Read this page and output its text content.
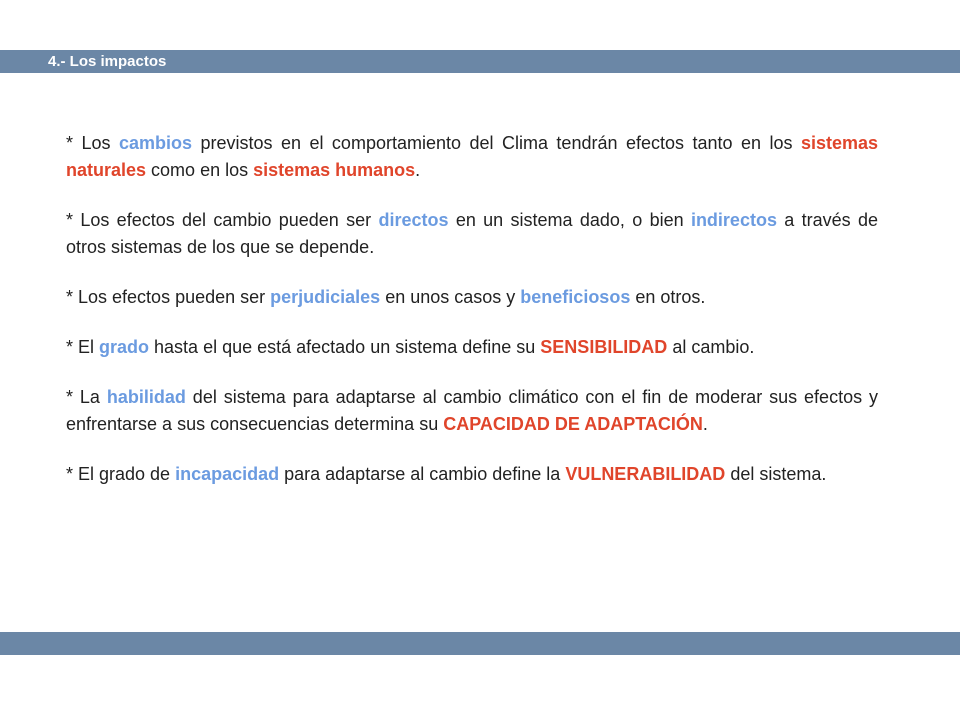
4.- Los impactos

* Los cambios previstos en el comportamiento del Clima tendrán efectos tanto en los sistemas naturales como en los sistemas humanos.

* Los efectos del cambio pueden ser directos en un sistema dado, o bien indirectos a través de otros sistemas de los que se depende.

* Los efectos pueden ser perjudiciales en unos casos y beneficiosos en otros.

* El grado hasta el que está afectado un sistema define su SENSIBILIDAD al cambio.

* La habilidad del sistema para adaptarse al cambio climático con el fin de moderar sus efectos y enfrentarse a sus consecuencias determina su CAPACIDAD DE ADAPTACIÓN.

* El grado de incapacidad para adaptarse al cambio define la VULNERABILIDAD del sistema.
